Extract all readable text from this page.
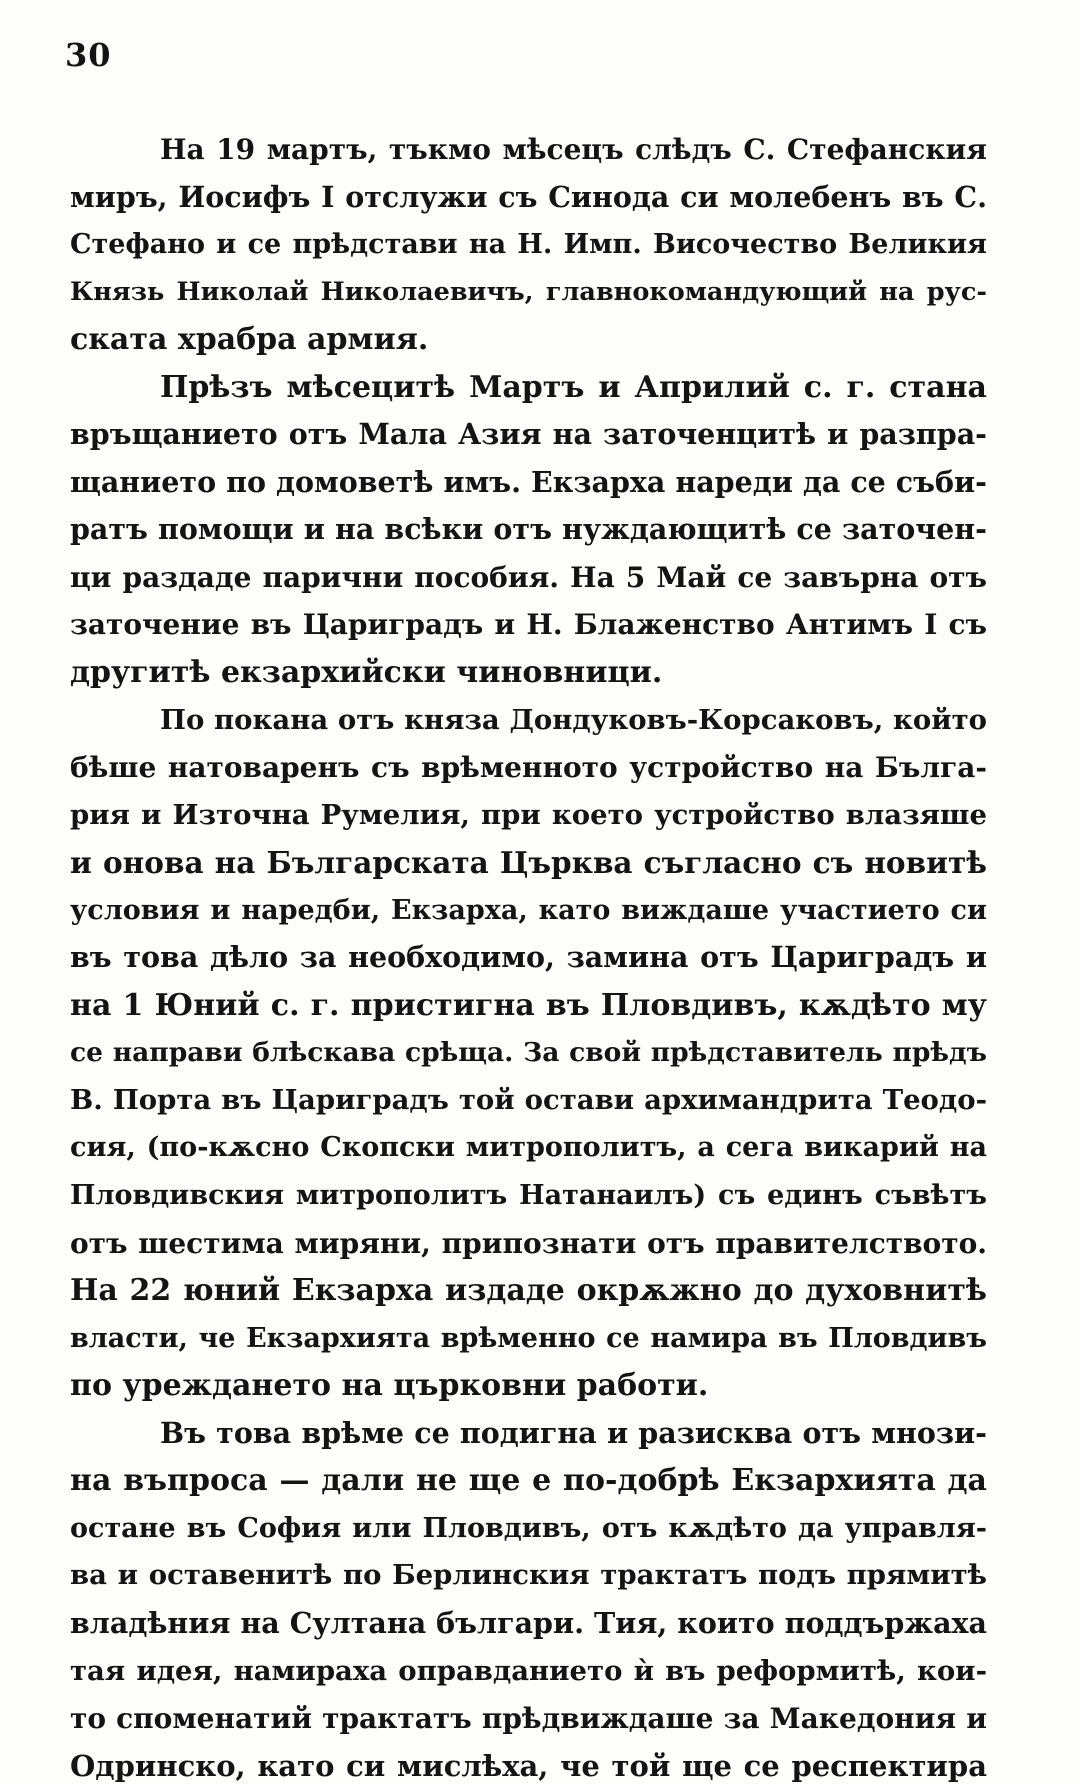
30
На 19 мартъ, тъкмо мѣсецъ слѣдъ С. Стефанския
миръ, Иосифъ I отслужи съ Синода си молебенъ въ С.
Стефано и се прѣдстави на Н. Имп. Височество Великия
Князь Николай Николаевичъ, главнокомандующий на рус-
ската храбра армия.
Прѣзъ мѣсецитѣ Мартъ и Априлий с. г. стана
връщанието отъ Мала Азия на заточенцитѣ и разпра-
щанието по домоветѣ имъ. Екзарха нареди да се съби-
ратъ помощи и на всѣки отъ нуждающитѣ се заточен-
ци раздаде парични пособия. На 5 Май се завърна отъ
заточение въ Цариградъ и Н. Блаженство Антимъ I съ
другитѣ екзархийски чиновници.
По покана отъ княза Дондуковъ-Корсаковъ, който
бѣше натоваренъ съ врѣменното устройство на Бълга-
рия и Източна Румелия, при което устройство влазяше
и онова на Българската Църква съгласно съ новитѣ
условия и наредби, Екзарха, като виждаше участието си
въ това дѣло за необходимо, замина отъ Цариградъ и
на 1 Юний с. г. пристигна въ Пловдивъ, кѫдѣто му
се направи блѣскава срѣща. За свой прѣдставитель прѣдъ
В. Порта въ Цариградъ той остави архимандрита Теодо-
сия, (по-кѫсно Скопски митрополитъ, а сега викарий на
Пловдивския митрополитъ Натанаилъ) съ единъ съвѣтъ
отъ шестима миряни, припознати отъ правителството.
На 22 юний Екзарха издаде окрѫжно до духовнитѣ
власти, че Екзархията врѣменно се намира въ Пловдивъ
по уреждането на църковни работи.
Въ това врѣме се подигна и разисква отъ мнози-
на въпроса — дали не ще е по-добрѣ Екзархията да
остане въ София или Пловдивъ, отъ кѫдѣто да управля-
ва и оставенитѣ по Берлинския трактатъ подъ прямитѣ
владѣния на Султана българи. Тия, които поддържаха
тая идея, намираха оправданието ѝ въ реформитѣ, кои-
то споменатий трактатъ прѣдвиждаше за Македония и
Одринско, като си мислѣха, че той ще се респектира
